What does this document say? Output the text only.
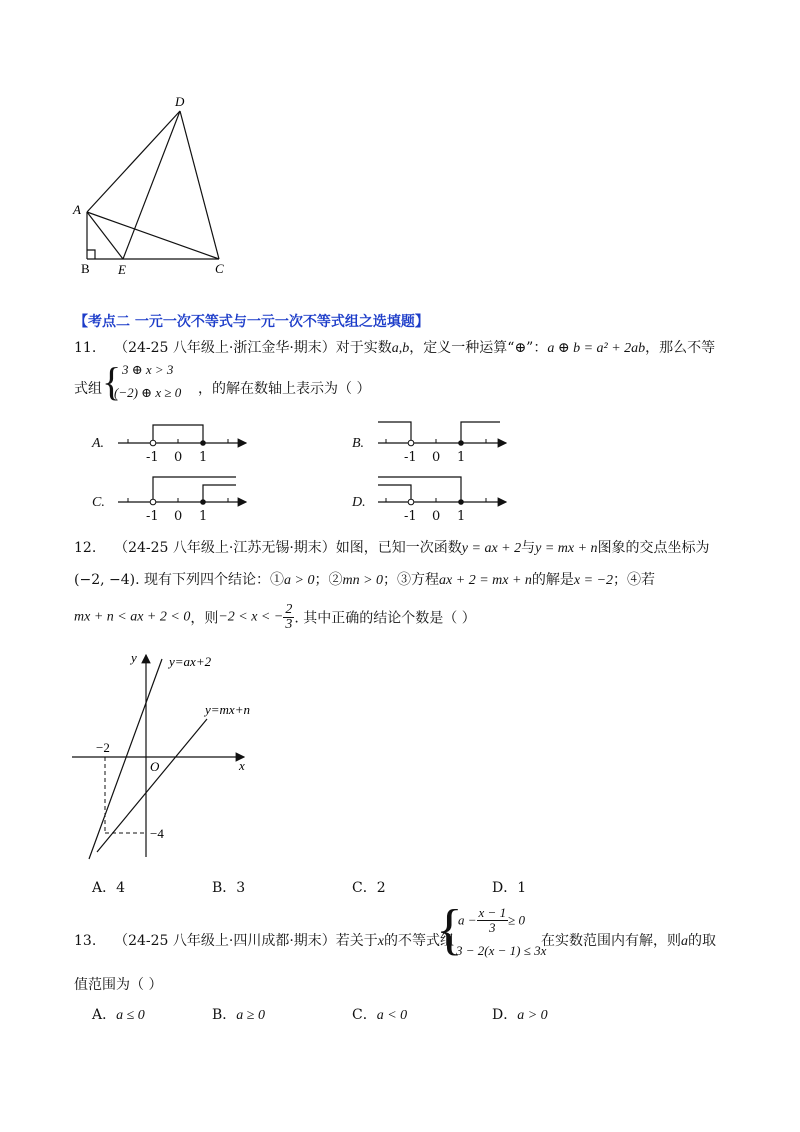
D
A
B E	C
【考点二 一元一次不等式与一元一次不等式组之选填题】
11. （24-25 八年级上·浙江金华·期末）对于实数a,b，定义一种运算“⊕”：a ⊕ b = a² + 2ab，那么不等
式组 { 3 ⊕ x > 3
(−2) ⊕ x ≥ 0 ，的解在数轴上表示为（ ）
A.
-1 0 1
B.
-1 0 1
C.
-1 0 1
D.
-1 0 1
12. （24-25 八年级上·江苏无锡·期末）如图，已知一次函数y = ax + 2与y = mx + n图象的交点坐标为
(−2, −4). 现有下列四个结论：①a > 0；②mn > 0；③方程ax + 2 = mx + n的解是x = −2；④若
mx + n < ax + 2 < 0，则−2 < x < − $\frac{2}{3}$ . 其中正确的结论个数是（ ）
y
x
O
y=ax+2
y=mx+n
−2
−4
A．4	B．3	C．2	D．1
13. （24-25 八年级上·四川成都·期末）若关于x的不等式组
{
$a - \frac{x - 1}{3} \ge 0$
3 − 2(x − 1) ≤ 3x
在实数范围内有解，则a的取
值范围为（ ）
A．a ≤ 0	B．a ≥ 0	C．a < 0	D．a > 0
